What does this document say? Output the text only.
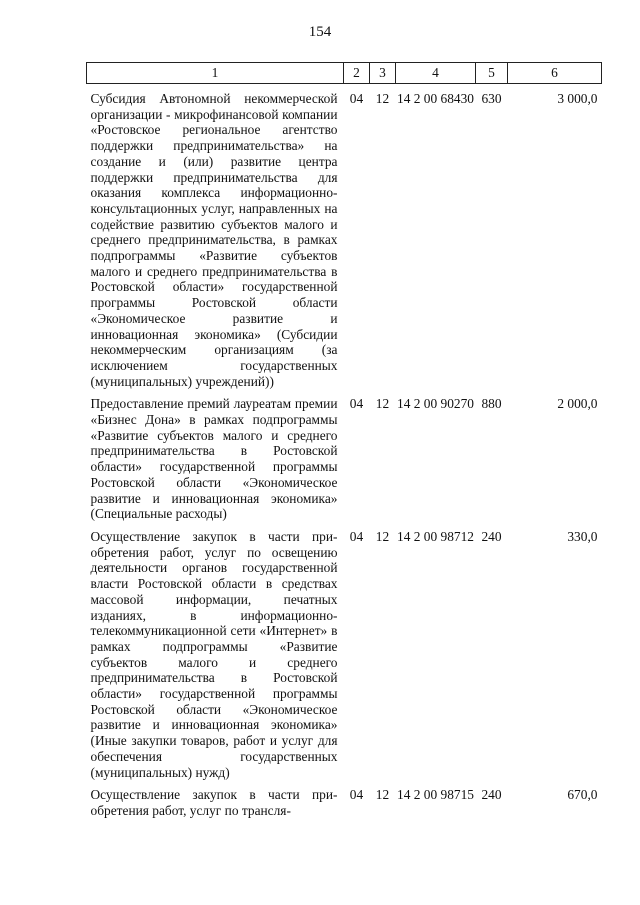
154
1	2	3	4	5	6
Субсидия Автономной некоммерческой организации - микрофинансовой компании «Ростовское региональное агентство поддержки предпринимательства» на создание и (или) развитие центра поддержки предпринимательства для оказания комплекса информационно-консультационных услуг, направленных на содействие развитию субъектов малого и среднего предпринимательства, в рамках подпрограммы «Развитие субъектов малого и среднего предпринимательства в Ростовской области» государственной программы Ростовской области «Экономическое развитие и инновационная экономика» (Субсидии некоммерческим организациям (за исключением государственных (муниципальных) учреждений))	04	12	14 2 00 68430	630	3 000,0
Предоставление премий лауреатам премии «Бизнес Дона» в рамках подпрограммы «Развитие субъектов малого и среднего предпринимательства в Ростовской области» государственной программы Ростовской области «Экономическое развитие и инновационная экономика» (Специальные расходы)	04	12	14 2 00 90270	880	2 000,0
Осуществление закупок в части приобретения работ, услуг по освещению деятельности органов государственной власти Ростовской области в средствах массовой информации, печатных изданиях, в информационно-телекоммуникационной сети «Интернет» в рамках подпрограммы «Развитие субъектов малого и среднего предпринимательства в Ростовской области» государственной программы Ростовской области «Экономическое развитие и инновационная экономика» (Иные закупки товаров, работ и услуг для обеспечения государственных (муниципальных) нужд)	04	12	14 2 00 98712	240	330,0
Осуществление закупок в части приобретения работ, услуг по трансля-	04	12	14 2 00 98715	240	670,0
